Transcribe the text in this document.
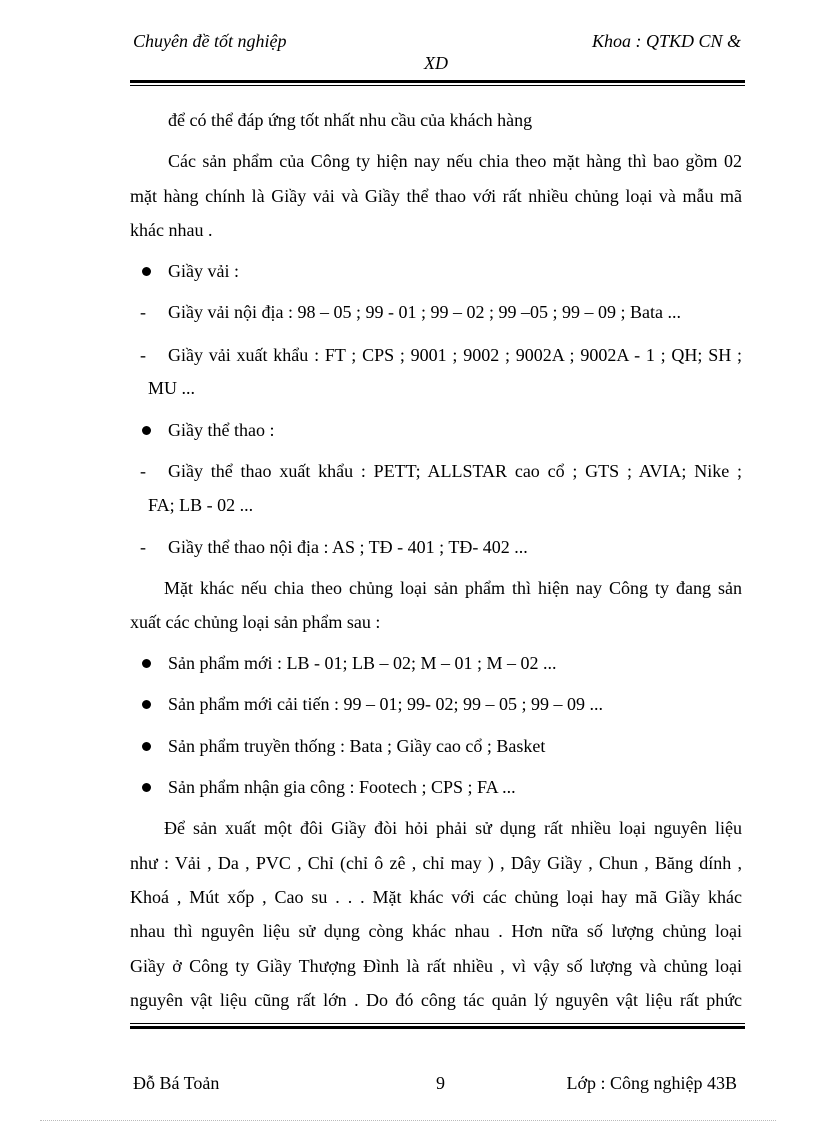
Chuyên đề tốt nghiệp	Khoa : QTKD CN &
XD
để có thể đáp ứng tốt nhất nhu cầu của khách hàng
Các sản phẩm của Công ty hiện nay nếu chia theo mặt hàng thì bao gồm 02
mặt hàng chính là Giầy vải và Giầy thể thao với rất nhiều chủng loại và mẫu mã
khác nhau .
Giầy vải :
- Giầy vải nội địa : 98 – 05 ; 99 - 01 ; 99 – 02 ; 99 –05 ; 99 – 09 ; Bata ...
- Giầy vải xuất khẩu : FT ; CPS ; 9001 ; 9002 ; 9002A ; 9002A - 1 ; QH; SH ;
MU ...
Giầy thể thao :
- Giầy thể thao xuất khẩu : PETT; ALLSTAR cao cổ ; GTS ; AVIA; Nike ;
FA; LB - 02 ...
- Giầy thể thao nội địa : AS ; TĐ - 401 ; TĐ- 402 ...
Mặt khác nếu chia theo chủng loại sản phẩm thì hiện nay Công ty đang sản
xuất các chủng loại sản phẩm sau :
Sản phẩm mới : LB - 01; LB – 02; M – 01 ; M – 02 ...
Sản phẩm mới cải tiến : 99 – 01; 99- 02; 99 – 05 ; 99 – 09 ...
Sản phẩm truyền thống : Bata ; Giầy cao cổ ; Basket
Sản phẩm nhận gia công : Footech ; CPS ; FA ...
Để sản xuất một đôi Giầy đòi hỏi phải sử dụng rất nhiều loại nguyên liệu
như : Vải , Da , PVC , Chỉ (chỉ ô zê , chỉ may ) , Dây Giầy , Chun , Băng dính ,
Khoá , Mút xốp , Cao su . . . Mặt khác với các chủng loại hay mã Giầy khác
nhau thì nguyên liệu sử dụng còng khác nhau . Hơn nữa số lượng chủng loại
Giầy ở Công ty Giầy Thượng Đình là rất nhiều , vì vậy số lượng và chủng loại
nguyên vật liệu cũng rất lớn . Do đó công tác quản lý nguyên vật liệu rất phức
Đỗ Bá Toản	9	Lớp : Công nghiệp 43B
